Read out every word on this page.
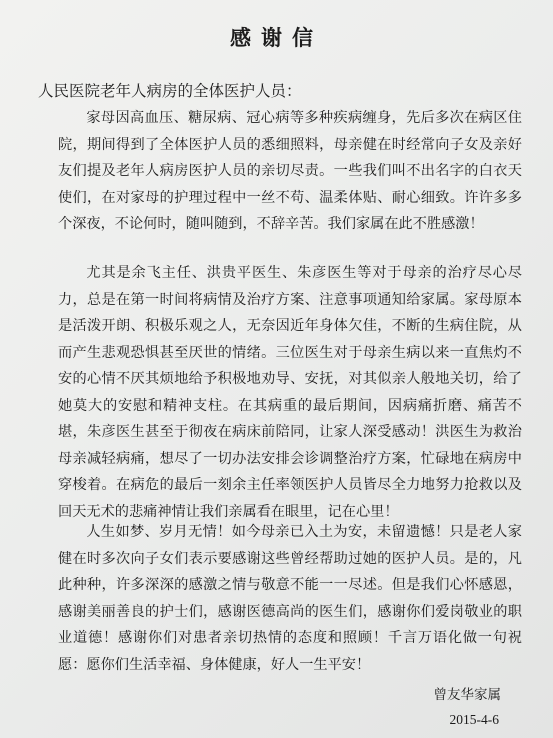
感谢信
人民医院老年人病房的全体医护人员：

家母因高血压、糖尿病、冠心病等多种疾病缠身，先后多次在病区住院，期间得到了全体医护人员的悉细照料，母亲健在时经常向子女及亲好友们提及老年人病房医护人员的亲切尽责。一些我们叫不出名字的白衣天使们，在对家母的护理过程中一丝不苟、温柔体贴、耐心细致。许许多多个深夜，不论何时，随叫随到，不辞辛苦。我们家属在此不胜感激！

尤其是余飞主任、洪贵平医生、朱彦医生等对于母亲的治疗尽心尽力，总是在第一时间将病情及治疗方案、注意事项通知给家属。家母原本是活泼开朗、积极乐观之人，无奈因近年身体欠佳，不断的生病住院，从而产生悲观恐惧甚至厌世的情绪。三位医生对于母亲生病以来一直焦灼不安的心情不厌其烦地给予积极地劝导、安抚，对其似亲人般地关切，给了她莫大的安慰和精神支柱。在其病重的最后期间，因病痛折磨、痛苦不堪，朱彦医生甚至于彻夜在病床前陪同，让家人深受感动！洪医生为救治母亲减轻病痛，想尽了一切办法安排会诊调整治疗方案，忙碌地在病房中穿梭着。在病危的最后一刻余主任率领医护人员皆尽全力地努力抢救以及回天无术的悲痛神情让我们亲属看在眼里，记在心里！

人生如梦、岁月无情！如今母亲已入土为安，未留遗憾！只是老人家健在时多次向子女们表示要感谢这些曾经帮助过她的医护人员。是的，凡此种种，许多深深的感激之情与敬意不能一一尽述。但是我们心怀感恩，感谢美丽善良的护士们，感谢医德高尚的医生们，感谢你们爱岗敬业的职业道德！感谢你们对患者亲切热情的态度和照顾！千言万语化做一句祝愿：愿你们生活幸福、身体健康，好人一生平安！

曾友华家属
2015-4-6
